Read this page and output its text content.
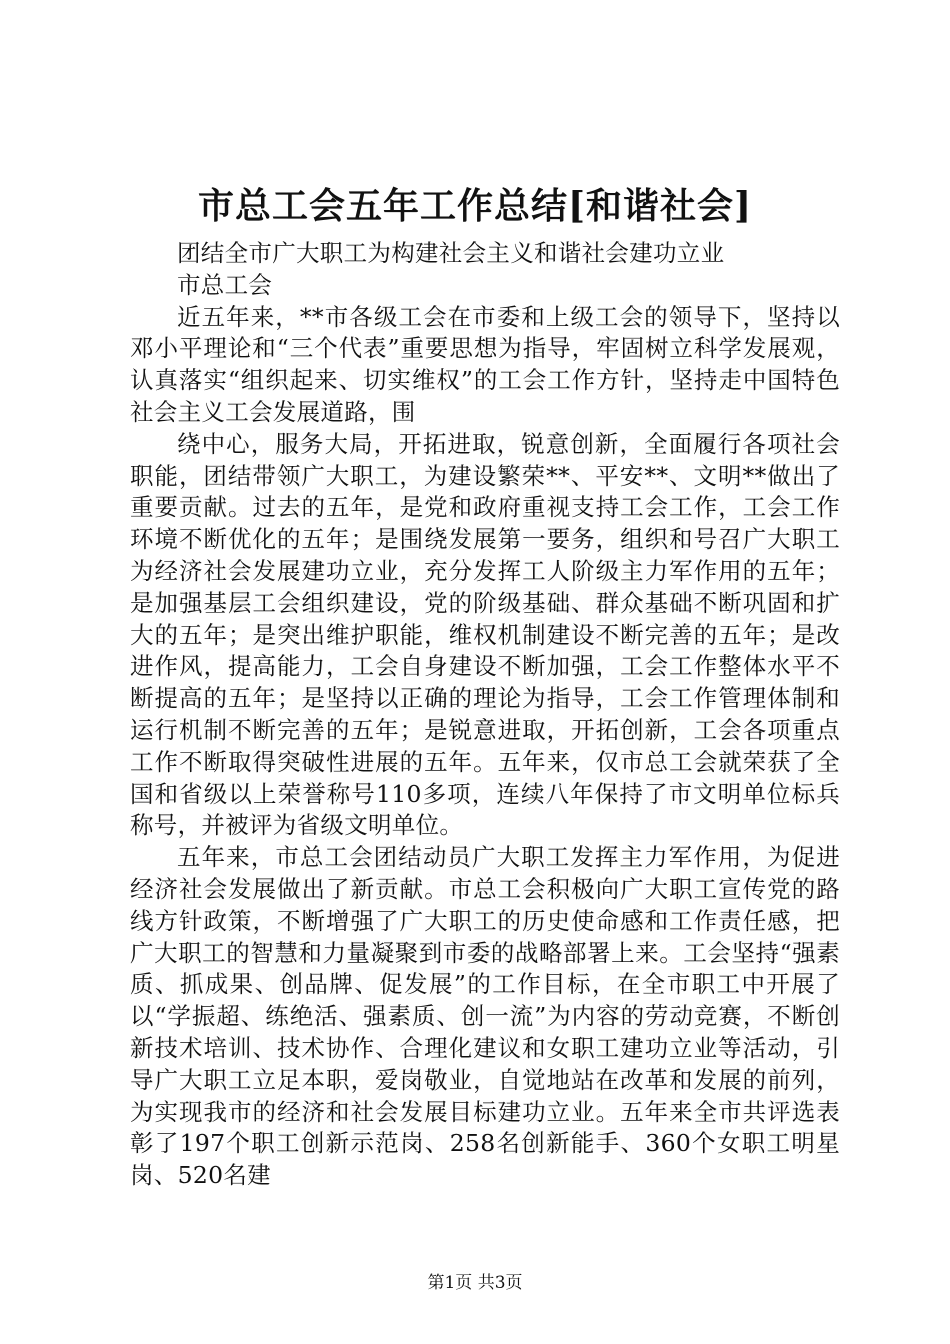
市总工会五年工作总结[和谐社会]

团结全市广大职工为构建社会主义和谐社会建功立业

市总工会

近五年来，**市各级工会在市委和上级工会的领导下，坚持以邓小平理论和“三个代表”重要思想为指导，牢固树立科学发展观，认真落实“组织起来、切实维权”的工会工作方针，坚持走中国特色社会主义工会发展道路，围

绕中心，服务大局，开拓进取，锐意创新，全面履行各项社会职能，团结带领广大职工，为建设繁荣**、平安**、文明**做出了重要贡献。过去的五年，是党和政府重视支持工会工作，工会工作环境不断优化的五年；是围绕发展第一要务，组织和号召广大职工为经济社会发展建功立业，充分发挥工人阶级主力军作用的五年；是加强基层工会组织建设，党的阶级基础、群众基础不断巩固和扩大的五年；是突出维护职能，维权机制建设不断完善的五年；是改进作风，提高能力，工会自身建设不断加强，工会工作整体水平不断提高的五年；是坚持以正确的理论为指导，工会工作管理体制和运行机制不断完善的五年；是锐意进取，开拓创新，工会各项重点工作不断取得突破性进展的五年。五年来，仅市总工会就荣获了全国和省级以上荣誉称号110多项，连续八年保持了市文明单位标兵称号，并被评为省级文明单位。

五年来，市总工会团结动员广大职工发挥主力军作用，为促进经济社会发展做出了新贡献。市总工会积极向广大职工宣传党的路线方针政策，不断增强了广大职工的历史使命感和工作责任感，把广大职工的智慧和力量凝聚到市委的战略部署上来。工会坚持“强素质、抓成果、创品牌、促发展”的工作目标，在全市职工中开展了以“学振超、练绝活、强素质、创一流”为内容的劳动竞赛，不断创新技术培训、技术协作、合理化建议和女职工建功立业等活动，引导广大职工立足本职，爱岗敬业，自觉地站在改革和发展的前列，为实现我市的经济和社会发展目标建功立业。五年来全市共评选表彰了197个职工创新示范岗、258名创新能手、360个女职工明星岗、520名建

第1页 共3页
